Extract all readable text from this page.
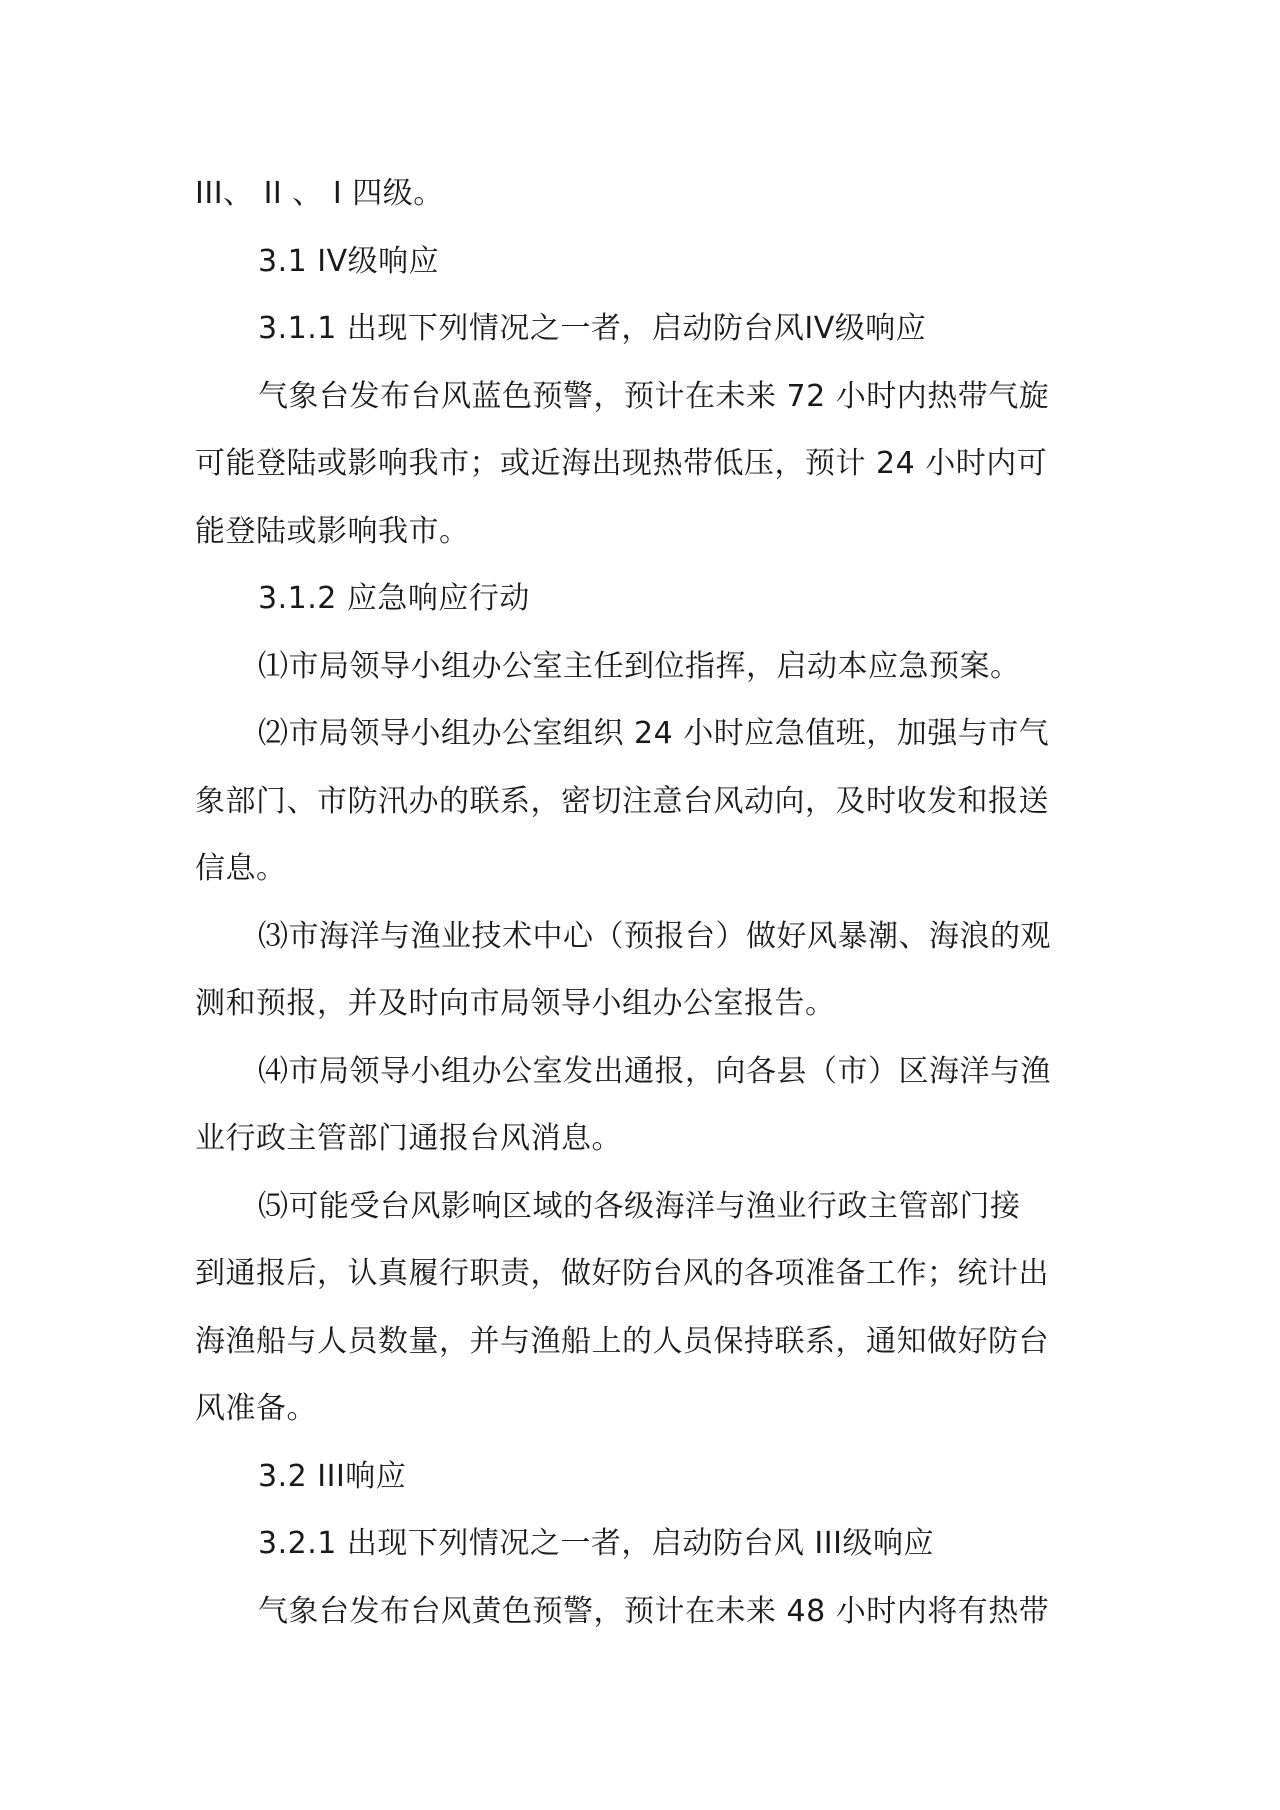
III、 II 、 I 四级。

3.1 IV级响应

3.1.1 出现下列情况之一者，启动防台风IV级响应

气象台发布台风蓝色预警，预计在未来 72 小时内热带气旋

可能登陆或影响我市；或近海出现热带低压，预计 24 小时内可

能登陆或影响我市。

3.1.2 应急响应行动

⑴市局领导小组办公室主任到位指挥，启动本应急预案。

⑵市局领导小组办公室组织 24 小时应急值班，加强与市气

象部门、市防汛办的联系，密切注意台风动向，及时收发和报送

信息。

⑶市海洋与渔业技术中心（预报台）做好风暴潮、海浪的观

测和预报，并及时向市局领导小组办公室报告。

⑷市局领导小组办公室发出通报，向各县（市）区海洋与渔

业行政主管部门通报台风消息。

⑸可能受台风影响区域的各级海洋与渔业行政主管部门接

到通报后，认真履行职责，做好防台风的各项准备工作；统计出

海渔船与人员数量，并与渔船上的人员保持联系，通知做好防台

风准备。

3.2 III响应

3.2.1 出现下列情况之一者，启动防台风 III级响应

气象台发布台风黄色预警，预计在未来 48 小时内将有热带
